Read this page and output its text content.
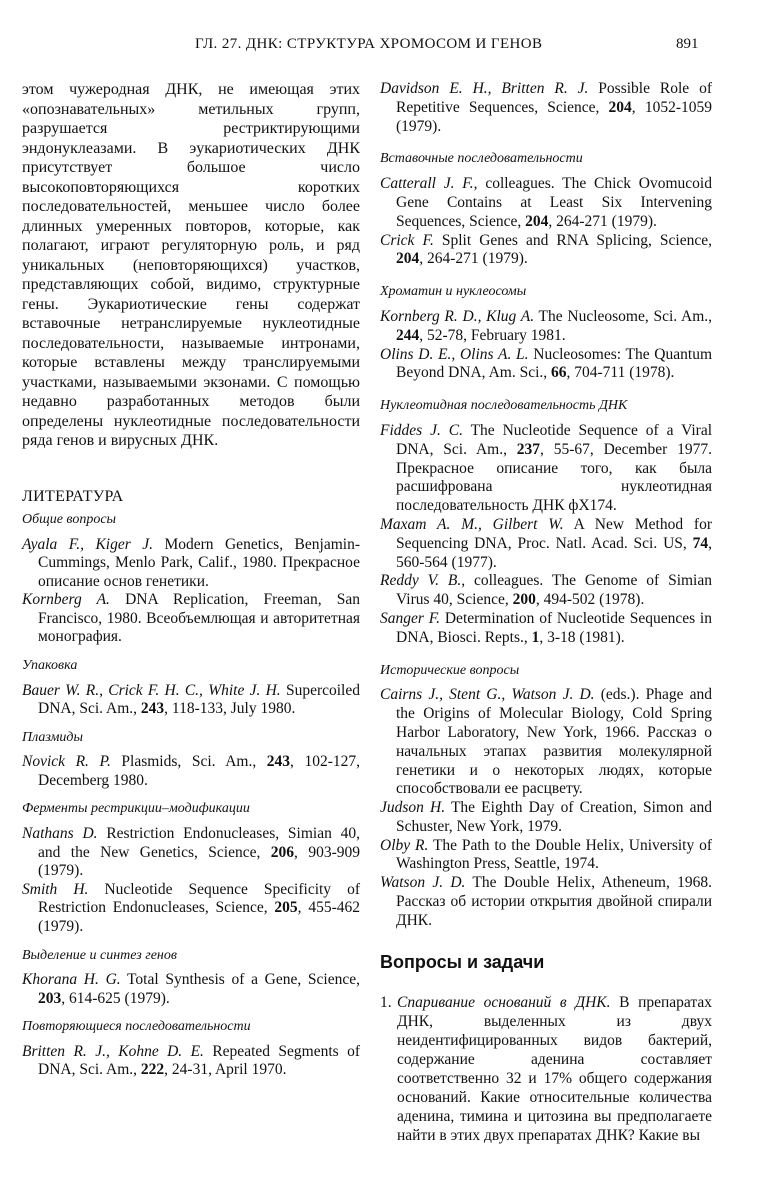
ГЛ. 27. ДНК: СТРУКТУРА ХРОМОСОМ И ГЕНОВ	891
этом чужеродная ДНК, не имеющая этих «опознавательных» метильных групп, разрушается рестриктирующими эндонуклеазами. В эукариотических ДНК присутствует большое число высокоповторяющихся коротких последовательностей, меньшее число более длинных умеренных повторов, которые, как полагают, играют регуляторную роль, и ряд уникальных (неповторяющихся) участков, представляющих собой, видимо, структурные гены. Эукариотические гены содержат вставочные нетранслируемые нуклеотидные последовательности, называемые интронами, которые вставлены между транслируемыми участками, называемыми экзонами. С помощью недавно разработанных методов были определены нуклеотидные последовательности ряда генов и вирусных ДНК.
ЛИТЕРАТУРА
Общие вопросы
Ayala F., Kiger J. Modern Genetics, Benjamin-Cummings, Menlo Park, Calif., 1980. Прекрасное описание основ генетики.
Kornberg A. DNA Replication, Freeman, San Francisco, 1980. Всеобъемлющая и авторитетная монография.
Упаковка
Bauer W. R., Crick F. H. C., White J. H. Supercoiled DNA, Sci. Am., 243, 118-133, July 1980.
Плазмиды
Novick R. P. Plasmids, Sci. Am., 243, 102-127, Decemberg 1980.
Ферменты рестрикции–модификации
Nathans D. Restriction Endonucleases, Simian 40, and the New Genetics, Science, 206, 903-909 (1979).
Smith H. Nucleotide Sequence Specificity of Restriction Endonucleases, Science, 205, 455-462 (1979).
Выделение и синтез генов
Khorana H. G. Total Synthesis of a Gene, Science, 203, 614-625 (1979).
Повторяющиеся последовательности
Britten R. J., Kohne D. E. Repeated Segments of DNA, Sci. Am., 222, 24-31, April 1970.
Davidson E. H., Britten R. J. Possible Role of Repetitive Sequences, Science, 204, 1052-1059 (1979).
Вставочные последовательности
Catterall J. F., colleagues. The Chick Ovomucoid Gene Contains at Least Six Intervening Sequences, Science, 204, 264-271 (1979).
Crick F. Split Genes and RNA Splicing, Science, 204, 264-271 (1979).
Хроматин и нуклеосомы
Kornberg R. D., Klug A. The Nucleosome, Sci. Am., 244, 52-78, February 1981.
Olins D. E., Olins A. L. Nucleosomes: The Quantum Beyond DNA, Am. Sci., 66, 704-711 (1978).
Нуклеотидная последовательность ДНК
Fiddes J. C. The Nucleotide Sequence of a Viral DNA, Sci. Am., 237, 55-67, December 1977. Прекрасное описание того, как была расшифрована нуклеотидная последовательность ДНК фX174.
Maxam A. M., Gilbert W. A New Method for Sequencing DNA, Proc. Natl. Acad. Sci. US, 74, 560-564 (1977).
Reddy V. B., colleagues. The Genome of Simian Virus 40, Science, 200, 494-502 (1978).
Sanger F. Determination of Nucleotide Sequences in DNA, Biosci. Repts., 1, 3-18 (1981).
Исторические вопросы
Cairns J., Stent G., Watson J. D. (eds.). Phage and the Origins of Molecular Biology, Cold Spring Harbor Laboratory, New York, 1966. Рассказ о начальных этапах развития молекулярной генетики и о некоторых людях, которые способствовали ее расцвету.
Judson H. The Eighth Day of Creation, Simon and Schuster, New York, 1979.
Olby R. The Path to the Double Helix, University of Washington Press, Seattle, 1974.
Watson J. D. The Double Helix, Atheneum, 1968. Рассказ об истории открытия двойной спирали ДНК.
Вопросы и задачи
1. Спаривание оснований в ДНК. В препаратах ДНК, выделенных из двух неидентифицированных видов бактерий, содержание аденина составляет соответственно 32 и 17% общего содержания оснований. Какие относительные количества аденина, тимина и цитозина вы предполагаете найти в этих двух препаратах ДНК? Какие вы
